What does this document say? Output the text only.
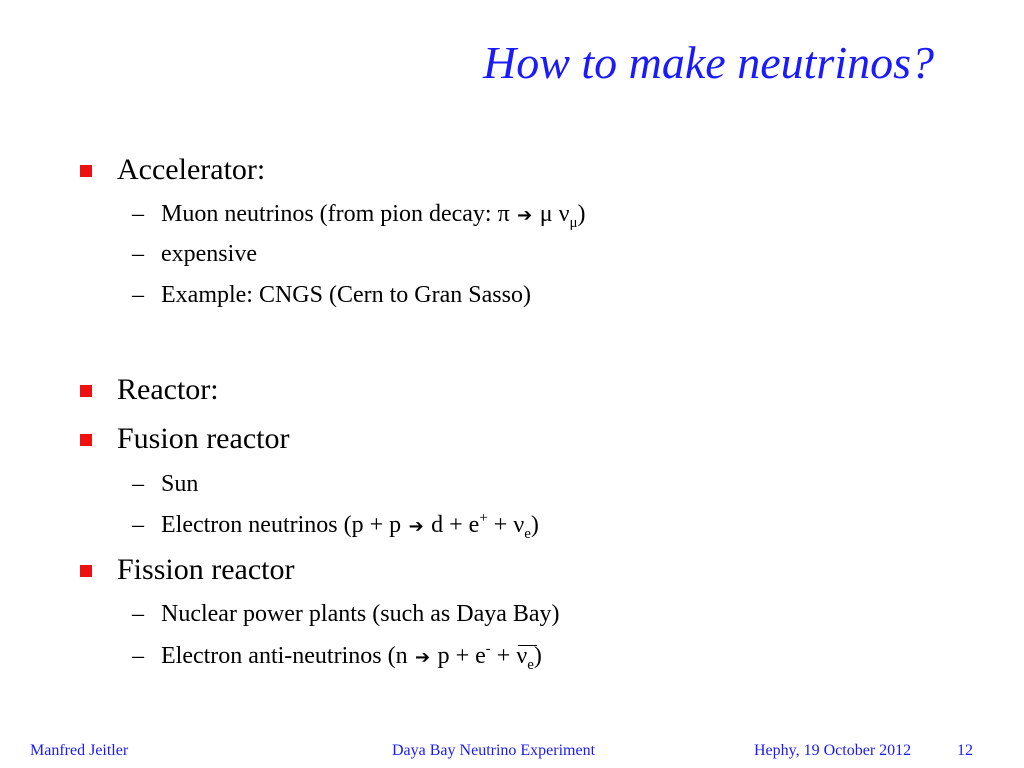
How to make neutrinos?
Accelerator:
– Muon neutrinos (from pion decay: π ➔ μ $\nu_\mu$)
– expensive
– Example: CNGS (Cern to Gran Sasso)
Reactor:
Fusion reactor
– Sun
– Electron neutrinos (p + p ➔ $d + e^+ + \nu_e$)
Fission reactor
– Nuclear power plants (such as Daya Bay)
– Electron anti-neutrinos (n ➔ $p + e^- + \nu_e$)
Manfred Jeitler	Daya Bay Neutrino Experiment	Hephy, 19 October 2012	12
